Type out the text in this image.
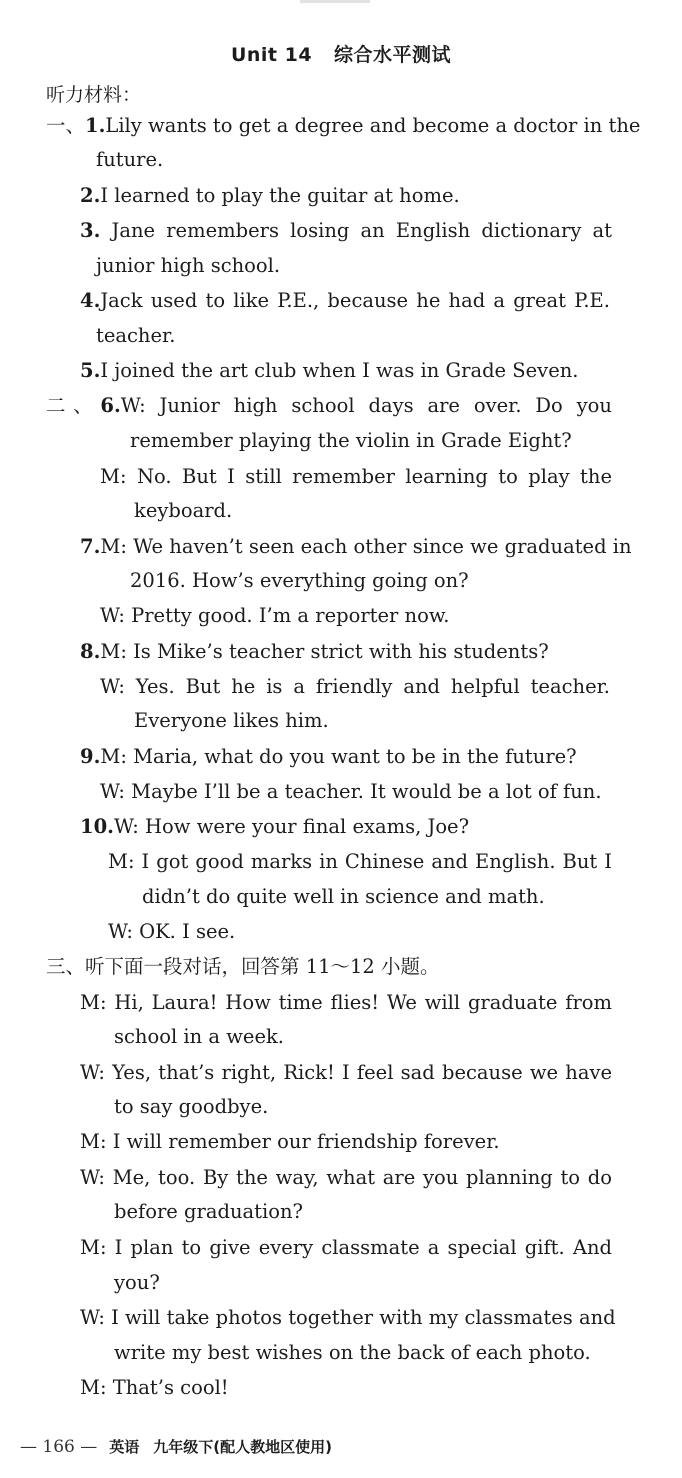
Unit 14 综合水平测试
听力材料：
一、1.Lily wants to get a degree and become a doctor in the
future.
2.I learned to play the guitar at home.
3. Jane remembers losing an English dictionary at
junior high school.
4.Jack used to like P.E., because he had a great P.E.
teacher.
5.I joined the art club when I was in Grade Seven.
二、6.W: Junior high school days are over. Do you
remember playing the violin in Grade Eight?
M: No. But I still remember learning to play the
keyboard.
7.M: We haven’t seen each other since we graduated in
2016. How’s everything going on?
W: Pretty good. I’m a reporter now.
8.M: Is Mike’s teacher strict with his students?
W: Yes. But he is a friendly and helpful teacher.
Everyone likes him.
9.M: Maria, what do you want to be in the future?
W: Maybe I’ll be a teacher. It would be a lot of fun.
10.W: How were your final exams, Joe?
M: I got good marks in Chinese and English. But I
didn’t do quite well in science and math.
W: OK. I see.
三、听下面一段对话，回答第 11～12 小题。
M: Hi, Laura! How time flies! We will graduate from
school in a week.
W: Yes, that’s right, Rick! I feel sad because we have
to say goodbye.
M: I will remember our friendship forever.
W: Me, too. By the way, what are you planning to do
before graduation?
M: I plan to give every classmate a special gift. And
you?
W: I will take photos together with my classmates and
write my best wishes on the back of each photo.
M: That’s cool!
— 166 — 英语 九年级下(配人教地区使用)
